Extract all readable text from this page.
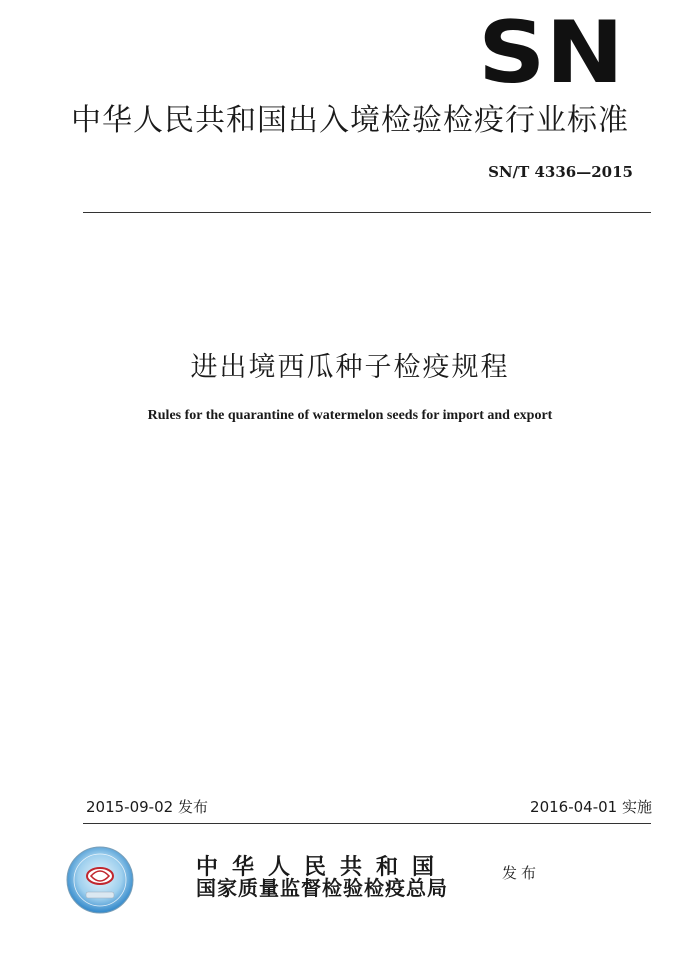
SN
中华人民共和国出入境检验检疫行业标准
SN/T 4336—2015
进出境西瓜种子检疫规程
Rules for the quarantine of watermelon seeds for import and export
2015-09-02 发布	2016-04-01 实施
中华人民共和国
国家质量监督检验检疫总局
发布
